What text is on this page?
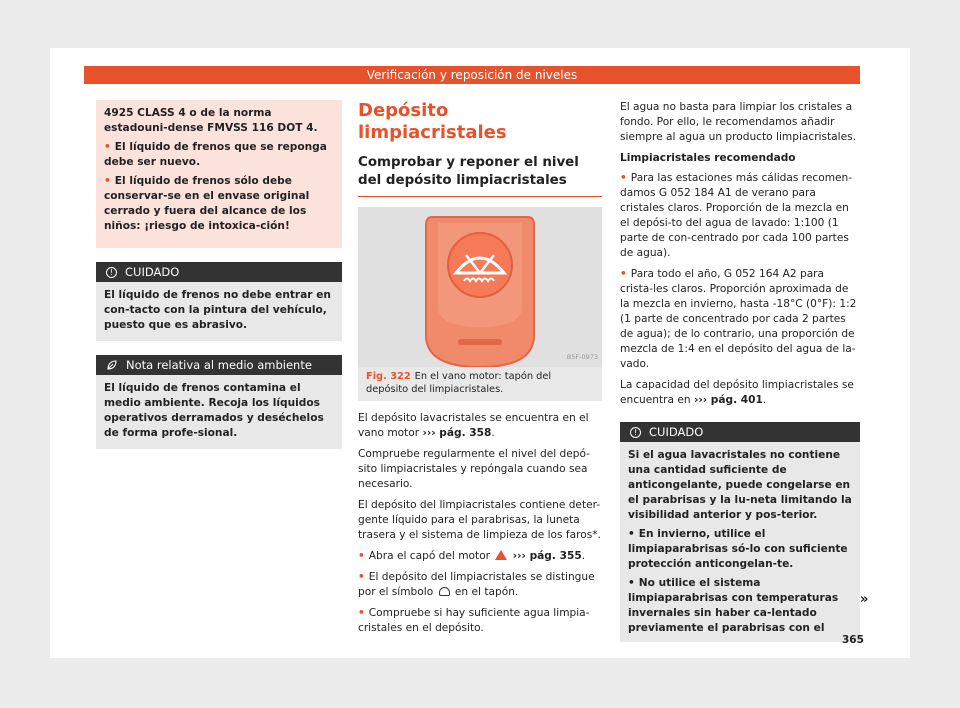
Verificación y reposición de niveles

4925 CLASS 4 o de la norma estadouni-dense FMVSS 116 DOT 4.

• El líquido de frenos que se reponga debe ser nuevo.

• El líquido de frenos sólo debe conservar-se en el envase original cerrado y fuera del alcance de los niños: ¡riesgo de intoxica-ción!

!	CUIDADO
El líquido de frenos no debe entrar en con-tacto con la pintura del vehículo, puesto que es abrasivo.
Nota relativa al medio ambiente
El líquido de frenos contamina el medio ambiente. Recoja los líquidos operativos derramados y deséchelos de forma profe-sional.
Depósito limpiacristales
Comprobar y reponer el nivel del depósito limpiacristales
B5F-0973
Fig. 322 En el vano motor: tapón del depósito del limpiacristales.

El depósito lavacristales se encuentra en el vano motor ››› pág. 358.

Compruebe regularmente el nivel del depó-sito limpiacristales y repóngala cuando sea necesario.

El depósito del limpiacristales contiene deter-gente líquido para el parabrisas, la luneta trasera y el sistema de limpieza de los faros*.

• Abra el capó del motor  ››› pág. 355.

• El depósito del limpiacristales se distingue por el símbolo  en el tapón.

• Compruebe si hay suficiente agua limpia-cristales en el depósito.

El agua no basta para limpiar los cristales a fondo. Por ello, le recomendamos añadir siempre al agua un producto limpiacristales.

Limpiacristales recomendado

• Para las estaciones más cálidas recomen-damos G 052 184 A1 de verano para cristales claros. Proporción de la mezcla en el depósi-to del agua de lavado: 1:100 (1 parte de con-centrado por cada 100 partes de agua).

• Para todo el año, G 052 164 A2 para crista-les claros. Proporción aproximada de la mezcla en invierno, hasta -18°C (0°F): 1:2 (1 parte de concentrado por cada 2 partes de agua); de lo contrario, una proporción de mezcla de 1:4 en el depósito del agua de la-vado.

La capacidad del depósito limpiacristales se encuentra en ››› pág. 401.

!	CUIDADO

Si el agua lavacristales no contiene una cantidad suficiente de anticongelante, puede congelarse en el parabrisas y la lu-neta limitando la visibilidad anterior y pos-terior.

• En invierno, utilice el limpiaparabrisas só-lo con suficiente protección anticongelan-te.

• No utilice el sistema limpiaparabrisas con temperaturas invernales sin haber ca-lentado previamente el parabrisas con el

»
365
